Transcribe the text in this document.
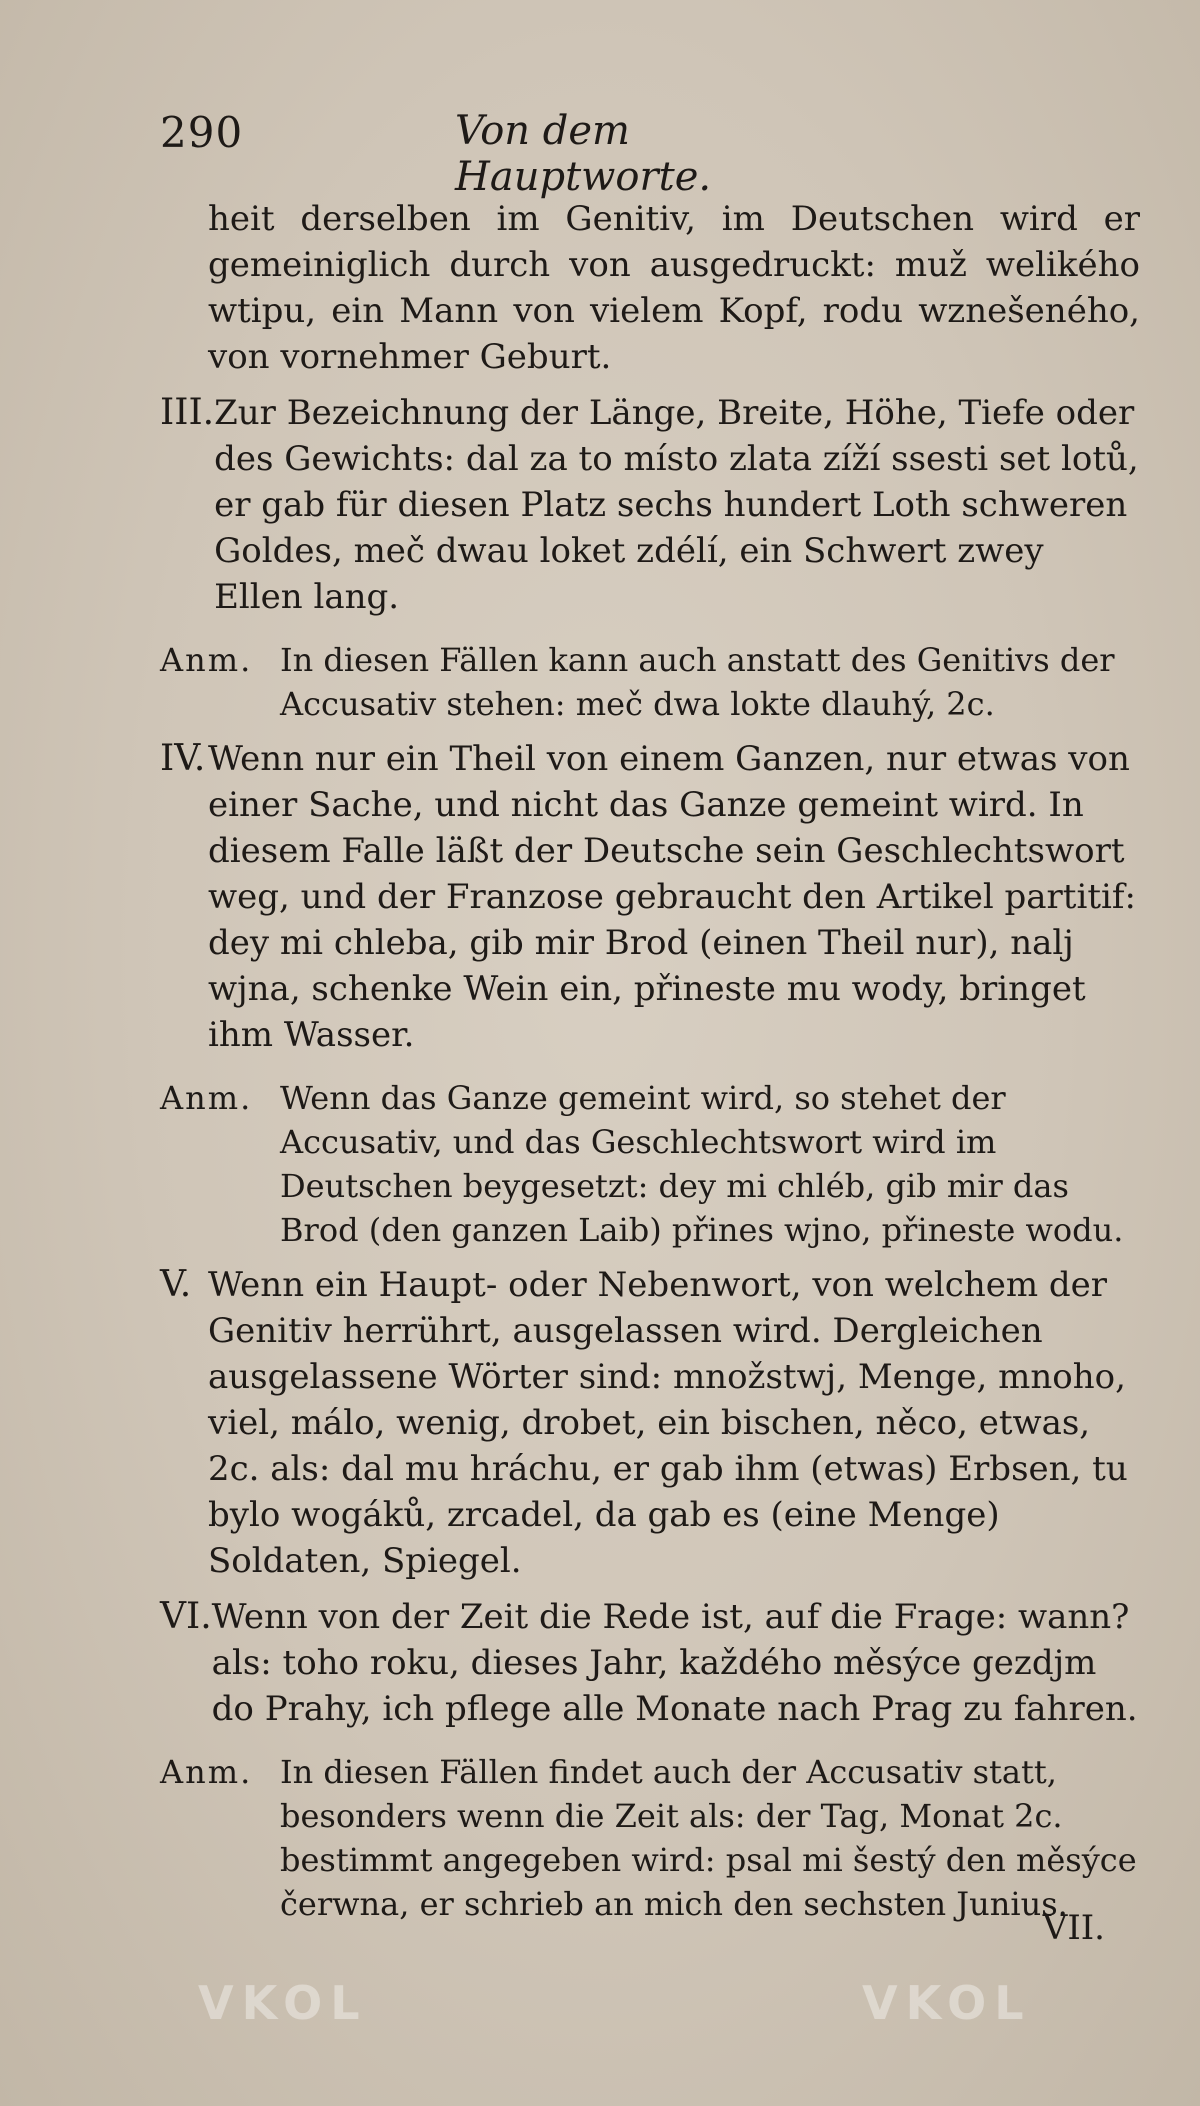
290	Von dem Hauptworte.

heit derselben im Genitiv, im Deutschen wird er gemeiniglich durch von ausgedruckt: muž welikého wtipu, ein Mann von vielem Kopf, rodu wznešeného, von vornehmer Geburt.

III. Zur Bezeichnung der Länge, Breite, Höhe, Tiefe oder des Gewichts: dal za to místo zlata zíží ssesti set lotů, er gab für diesen Platz sechs hundert Loth schweren Goldes, meč dwau loket zdélí, ein Schwert zwey Ellen lang.

Anm. In diesen Fällen kann auch anstatt des Genitivs der Accusativ stehen: meč dwa lokte dlauhý, 2c.

IV. Wenn nur ein Theil von einem Ganzen, nur etwas von einer Sache, und nicht das Ganze gemeint wird. In diesem Falle läßt der Deutsche sein Geschlechtswort weg, und der Franzose gebraucht den Artikel partitif: dey mi chleba, gib mir Brod (einen Theil nur), nalj wjna, schenke Wein ein, přineste mu wody, bringet ihm Wasser.

Anm. Wenn das Ganze gemeint wird, so stehet der Accusativ, und das Geschlechtswort wird im Deutschen beygesetzt: dey mi chléb, gib mir das Brod (den ganzen Laib) přines wjno, přineste wodu.

V. Wenn ein Haupt- oder Nebenwort, von welchem der Genitiv herrührt, ausgelassen wird. Dergleichen ausgelassene Wörter sind: množstwj, Menge, mnoho, viel, málo, wenig, drobet, ein bischen, něco, etwas, 2c. als: dal mu hráchu, er gab ihm (etwas) Erbsen, tu bylo wogáků, zrcadel, da gab es (eine Menge) Soldaten, Spiegel.

VI. Wenn von der Zeit die Rede ist, auf die Frage: wann? als: toho roku, dieses Jahr, každého měsýce gezdjm do Prahy, ich pflege alle Monate nach Prag zu fahren.

Anm. In diesen Fällen findet auch der Accusativ statt, besonders wenn die Zeit als: der Tag, Monat 2c. bestimmt angegeben wird: psal mi šestý den měsýce čerwna, er schrieb an mich den sechsten Junius.

VII.
VKOL	VKOL
